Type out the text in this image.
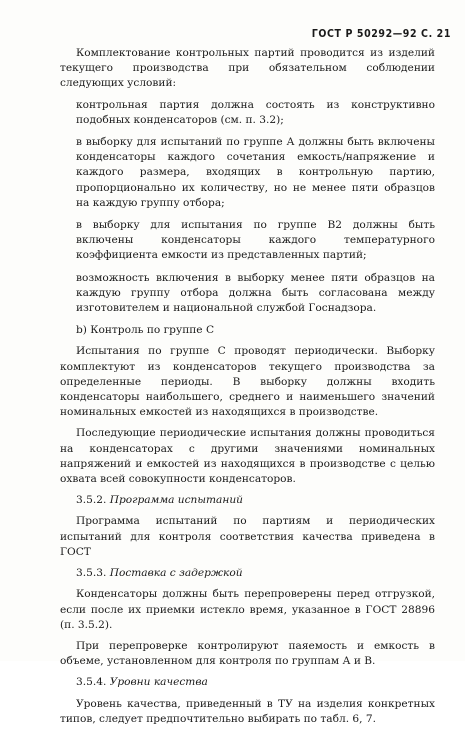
ГОСТ Р 50292—92 С. 21

Комплектование контрольных партий проводится из изделий текущего производства при обязательном соблюдении следующих условий:

контрольная партия должна состоять из конструктивно подобных конденсаторов (см. п. 3.2);

в выборку для испытаний по группе А должны быть включены конденсаторы каждого сочетания емкость/напряжение и каждого размера, входящих в контрольную партию, пропорционально их количеству, но не менее пяти образцов на каждую группу отбора;

в выборку для испытания по группе В2 должны быть включены конденсаторы каждого температурного коэффициента емкости из представленных партий;

возможность включения в выборку менее пяти образцов на каждую группу отбора должна быть согласована между изготовителем и национальной службой Госнадзора.

b) Контроль по группе С

Испытания по группе С проводят периодически. Выборку комплектуют из конденсаторов текущего производства за определенные периоды. В выборку должны входить конденсаторы наибольшего, среднего и наименьшего значений номинальных емкостей из находящихся в производстве.

Последующие периодические испытания должны проводиться на конденсаторах с другими значениями номинальных напряжений и емкостей из находящихся в производстве с целью охвата всей совокупности конденсаторов.

3.5.2. Программа испытаний

Программа испытаний по партиям и периодических испытаний для контроля соответствия качества приведена в ГОСТ

3.5.3. Поставка с задержкой

Конденсаторы должны быть перепроверены перед отгрузкой, если после их приемки истекло время, указанное в ГОСТ 28896 (п. 3.5.2).

При перепроверке контролируют паяемость и емкость в объеме, установленном для контроля по группам А и В.

3.5.4. Уровни качества

Уровень качества, приведенный в ТУ на изделия конкретных типов, следует предпочтительно выбирать по табл. 6, 7.
